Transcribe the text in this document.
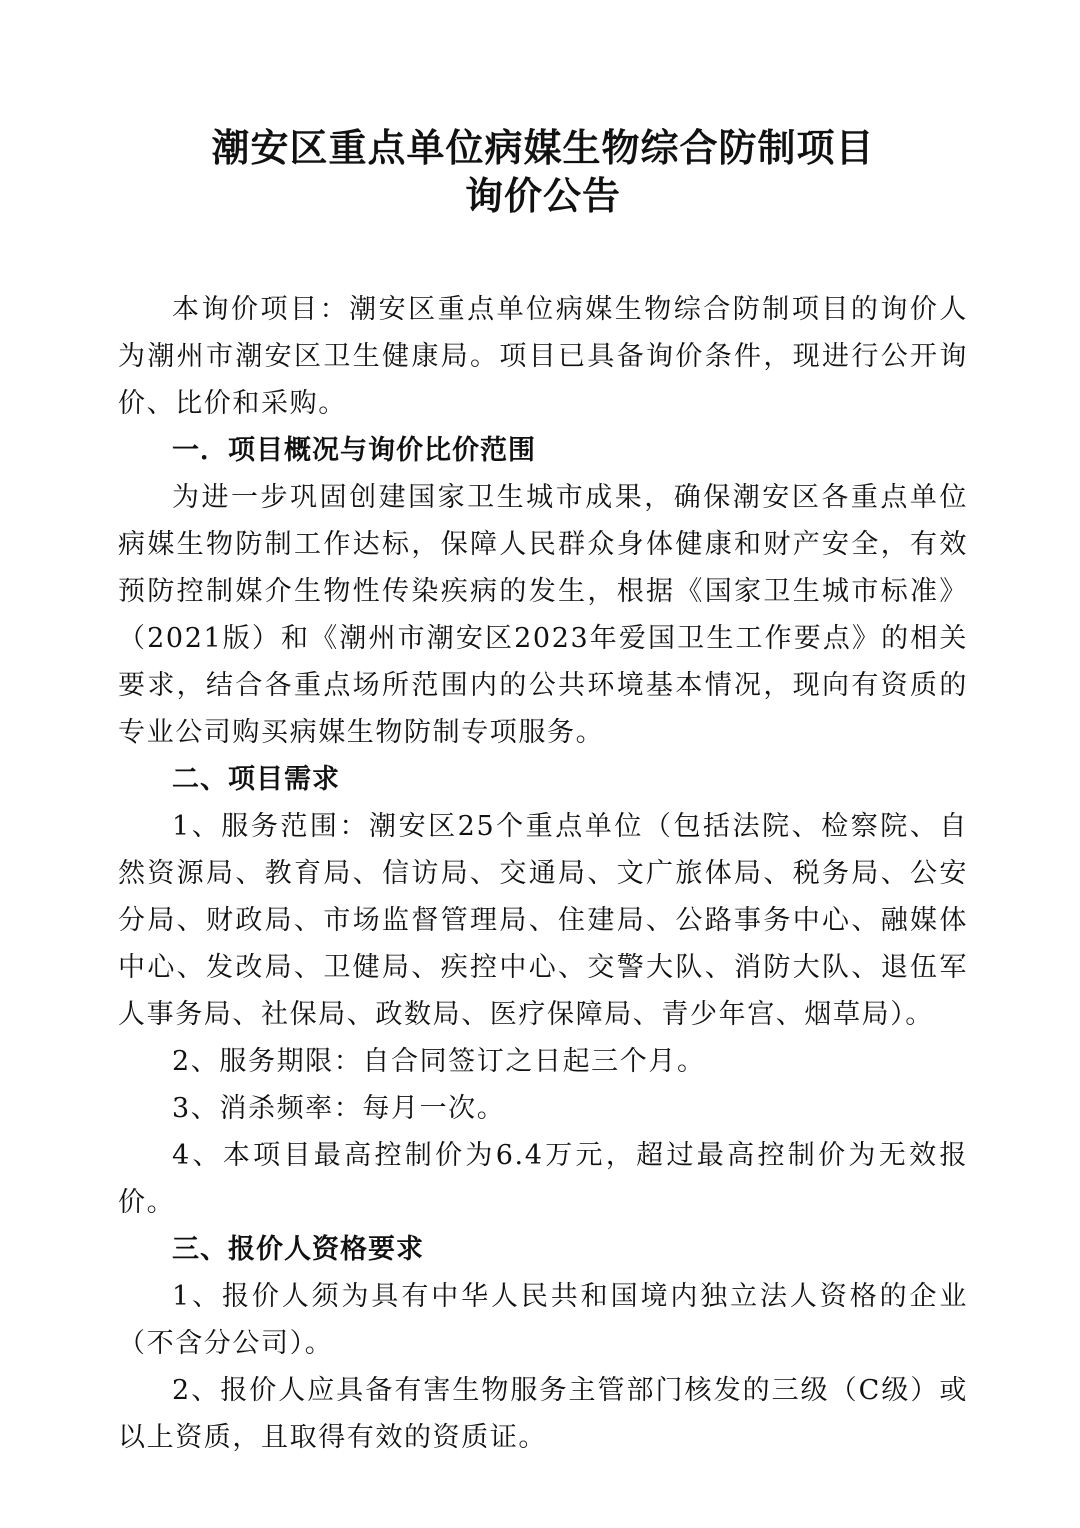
潮安区重点单位病媒生物综合防制项目
询价公告

本询价项目：潮安区重点单位病媒生物综合防制项目的询价人为潮州市潮安区卫生健康局。项目已具备询价条件，现进行公开询价、比价和采购。

一．项目概况与询价比价范围

为进一步巩固创建国家卫生城市成果，确保潮安区各重点单位病媒生物防制工作达标，保障人民群众身体健康和财产安全，有效预防控制媒介生物性传染疾病的发生，根据《国家卫生城市标准》（2021版）和《潮州市潮安区2023年爱国卫生工作要点》的相关要求，结合各重点场所范围内的公共环境基本情况，现向有资质的专业公司购买病媒生物防制专项服务。

二、项目需求

1、服务范围：潮安区25个重点单位（包括法院、检察院、自然资源局、教育局、信访局、交通局、文广旅体局、税务局、公安分局、财政局、市场监督管理局、住建局、公路事务中心、融媒体中心、发改局、卫健局、疾控中心、交警大队、消防大队、退伍军人事务局、社保局、政数局、医疗保障局、青少年宫、烟草局）。

2、服务期限：自合同签订之日起三个月。

3、消杀频率：每月一次。

4、本项目最高控制价为6.4万元，超过最高控制价为无效报价。

三、报价人资格要求

1、报价人须为具有中华人民共和国境内独立法人资格的企业（不含分公司）。

2、报价人应具备有害生物服务主管部门核发的三级（C级）或以上资质，且取得有效的资质证。
